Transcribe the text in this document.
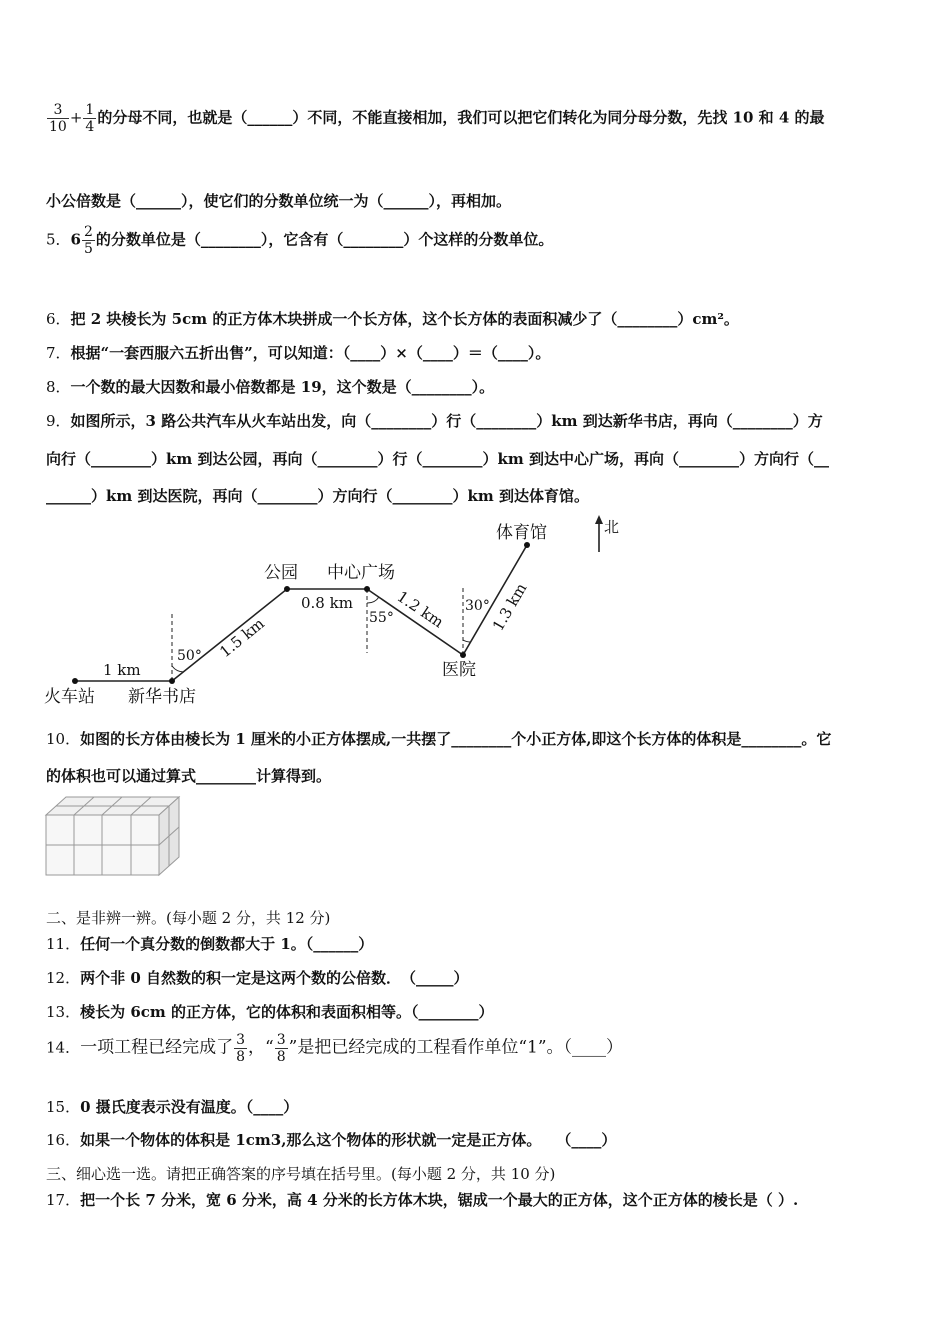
$\frac{3}{10} + \frac{1}{4}$ 的分母不同，也就是（______）不同，不能直接相加，我们可以把它们转化为同分母分数，先找 10 和 4 的最
小公倍数是（______），使它们的分数单位统一为（______），再相加。
5．$6 \frac{2}{5}$ 的分数单位是（________），它含有（________）个这样的分数单位。
6．把 2 块棱长为 5cm 的正方体木块拼成一个长方体，这个长方体的表面积减少了（________）cm²。
7．根据“一套西服六五折出售”，可以知道：（____）×（____）＝（____）。
8．一个数的最大因数和最小倍数都是 19，这个数是（________）。
9．如图所示，3 路公共汽车从火车站出发，向（________）行（________）km 到达新华书店，再向（________）方
向行（________）km 到达公园，再向（________）行（________）km 到达中心广场，再向（________）方向行（__
______）km 到达医院，再向（________）方向行（________）km 到达体育馆。
火车站 新华书店
公园 中心广场
医院
体育馆	北
1 km
1.5 km
0.8 km	1.2 km	1.3 km
50°
55°
30°
10．如图的长方体由棱长为 1 厘米的小正方体摆成,一共摆了________个小正方体,即这个长方体的体积是________。它
的体积也可以通过算式________计算得到。
二、是非辨一辨。(每小题 2 分，共 12 分)
11．任何一个真分数的倒数都大于 1。（______）
12．两个非 0 自然数的积一定是这两个数的公倍数．　（_____）
13．棱长为 6cm 的正方体，它的体积和表面积相等。（________）
14．一项工程已经完成了 $\frac{3}{8}$ ，“ $\frac{3}{8}$ ”是把已经完成的工程看作单位“1”。（____）
15．0 摄氏度表示没有温度。（____）
16．如果一个物体的体积是 1cm3,那么这个物体的形状就一定是正方体。　　（____）
三、细心选一选。请把正确答案的序号填在括号里。(每小题 2 分，共 10 分)
17．把一个长 7 分米，宽 6 分米，高 4 分米的长方体木块，锯成一个最大的正方体，这个正方体的棱长是（ ）.
